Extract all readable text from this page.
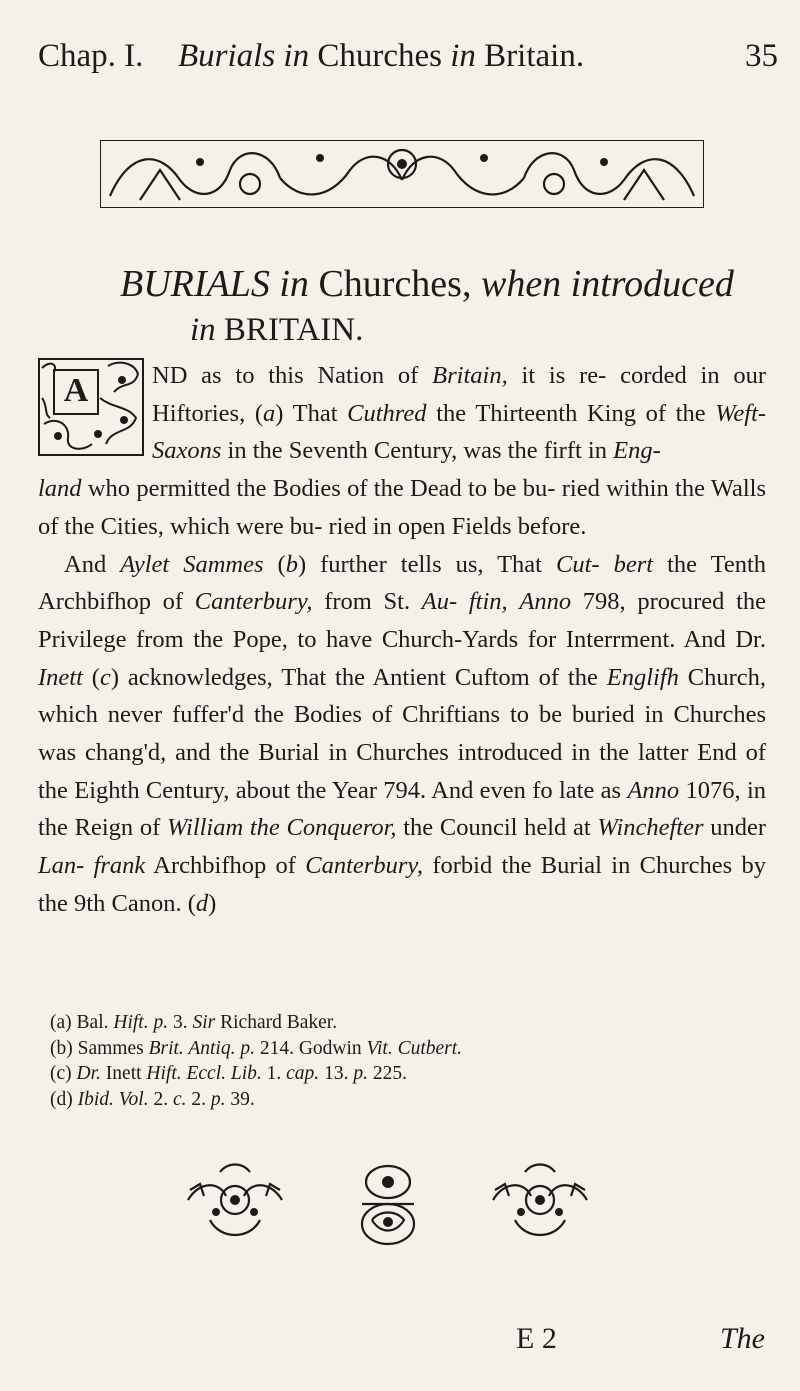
Chap. I. Burials in Churches in Britain.	35
BURIALS in Churches, when introduced
in BRITAIN.
A	ND as to this Nation of Britain, it is re- corded in our Hiftories, (a) That Cuthred the Thirteenth King of the Weft-Saxons in the Seventh Century, was the firft in Eng-
land who permitted the Bodies of the Dead to be bu- ried within the Walls of the Cities, which were bu- ried in open Fields before.

And Aylet Sammes (b) further tells us, That Cut- bert the Tenth Archbifhop of Canterbury, from St. Au- ftin, Anno 798, procured the Privilege from the Pope, to have Church-Yards for Interrment. And Dr. Inett (c) acknowledges, That the Antient Cuftom of the Englifh Church, which never fuffer'd the Bodies of Chriftians to be buried in Churches was chang'd, and the Burial in Churches introduced in the latter End of the Eighth Century, about the Year 794. And even fo late as Anno 1076, in the Reign of William the Conqueror, the Council held at Winchefter under Lan- frank Archbifhop of Canterbury, forbid the Burial in Churches by the 9th Canon. (d)

(a) Bal. Hift. p. 3. Sir Richard Baker.
(b) Sammes Brit. Antiq. p. 214. Godwin Vit. Cutbert.
(c) Dr. Inett Hift. Eccl. Lib. 1. cap. 13. p. 225.
(d) Ibid. Vol. 2. c. 2. p. 39.
E 2	The
